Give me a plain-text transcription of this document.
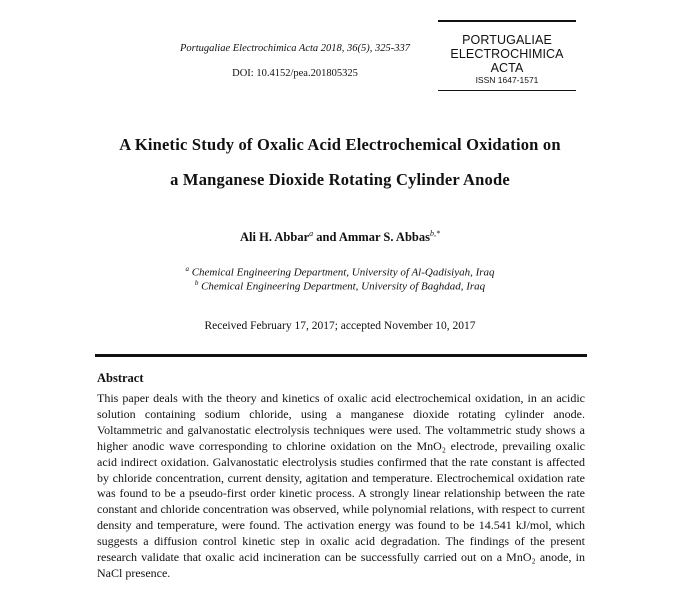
Portugaliae Electrochimica Acta 2018, 36(5), 325-337
DOI: 10.4152/pea.201805325
PORTUGALIAE
ELECTROCHIMICA
ACTA
ISSN 1647-1571
A Kinetic Study of Oxalic Acid Electrochemical Oxidation on
a Manganese Dioxide Rotating Cylinder Anode
Ali H. Abbar$^a$ and Ammar S. Abbas$^{b,*}$
$^a$ Chemical Engineering Department, University of Al-Qadisiyah, Iraq
$^b$ Chemical Engineering Department, University of Baghdad, Iraq
Received February 17, 2017; accepted November 10, 2017
Abstract
This paper deals with the theory and kinetics of oxalic acid electrochemical oxidation, in an acidic solution containing sodium chloride, using a manganese dioxide rotating cylinder anode. Voltammetric and galvanostatic electrolysis techniques were used. The voltammetric study shows a higher anodic wave corresponding to chlorine oxidation on the MnO₂ electrode, prevailing oxalic acid indirect oxidation. Galvanostatic electrolysis studies confirmed that the rate constant is affected by chloride concentration, current density, agitation and temperature. Electrochemical oxidation rate was found to be a pseudo-first order kinetic process. A strongly linear relationship between the rate constant and chloride concentration was observed, while polynomial relations, with respect to current density and temperature, were found. The activation energy was found to be 14.541 kJ/mol, which suggests a diffusion control kinetic step in oxalic acid degradation. The findings of the present research validate that oxalic acid incineration can be successfully carried out on a MnO₂ anode, in NaCl presence.
